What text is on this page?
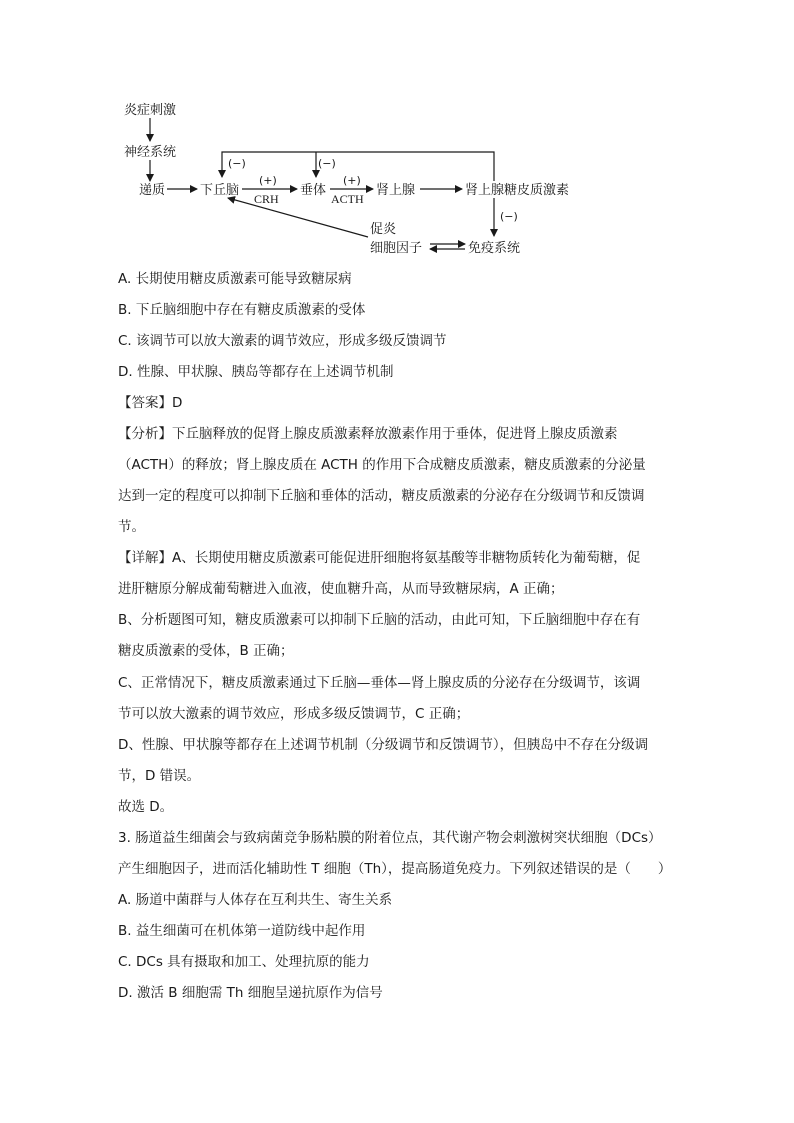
炎症刺激
神经系统
递质	下丘脑	垂体	肾上腺	肾上腺糖皮质激素
免疫系统
促炎
细胞因子
(−)	(−)
(+)
CRH
(+)
ACTH
(−)
A. 长期使用糖皮质激素可能导致糖尿病
B. 下丘脑细胞中存在有糖皮质激素的受体
C. 该调节可以放大激素的调节效应，形成多级反馈调节
D. 性腺、甲状腺、胰岛等都存在上述调节机制
【答案】D
【分析】下丘脑释放的促肾上腺皮质激素释放激素作用于垂体，促进肾上腺皮质激素
（ACTH）的释放；肾上腺皮质在 ACTH 的作用下合成糖皮质激素，糖皮质激素的分泌量
达到一定的程度可以抑制下丘脑和垂体的活动，糖皮质激素的分泌存在分级调节和反馈调
节。
【详解】A、长期使用糖皮质激素可能促进肝细胞将氨基酸等非糖物质转化为葡萄糖，促
进肝糖原分解成葡萄糖进入血液，使血糖升高，从而导致糖尿病，A 正确；
B、分析题图可知，糖皮质激素可以抑制下丘脑的活动，由此可知，下丘脑细胞中存在有
糖皮质激素的受体，B 正确；
C、正常情况下，糖皮质激素通过下丘脑—垂体—肾上腺皮质的分泌存在分级调节，该调
节可以放大激素的调节效应，形成多级反馈调节，C 正确；
D、性腺、甲状腺等都存在上述调节机制（分级调节和反馈调节），但胰岛中不存在分级调
节，D 错误。
故选 D。
3. 肠道益生细菌会与致病菌竞争肠粘膜的附着位点，其代谢产物会刺激树突状细胞（DCs）
产生细胞因子，进而活化辅助性 T 细胞（Th），提高肠道免疫力。下列叙述错误的是（　　）
A. 肠道中菌群与人体存在互利共生、寄生关系
B. 益生细菌可在机体第一道防线中起作用
C. DCs 具有摄取和加工、处理抗原的能力
D. 激活 B 细胞需 Th 细胞呈递抗原作为信号
